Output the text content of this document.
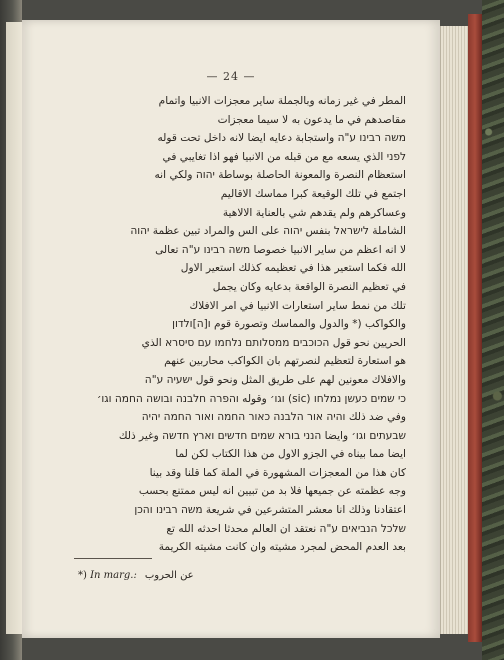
— 24 —
المطر في غير زمانه وبالجملة ساير معجزات الانبيا واتمام
مقاصدهم في ما يدعون به لا سيما معجزات
משה רבינו ע"ה واستجابة دعايه ايضا لانه داخل تحت قوله
לפני الذي يسعه مع من قبله من الانبيا فهو اذا تغايبي في
استعظام النصرة والمعونة الحاصلة بوساطة יהוה ولكي انه
اجتمع في تلك الوقيعة كبرا مماسك الاقاليم
وعساكرهم ولم يقدهم شي بالعناية الالاهية
الشاملة לישראל بنفس יהוה على الس والمراد تبين عظمة יהוה
لا انه اعظم من ساير الانبيا خصوصا משה רבינו ע"ה تعالى
الله فكما استعير هذا في تعظيمه كذلك استعير الاول
في تعظيم النصرة الواقعة بدعايه وكان يجمل
تلك من نمط ساير استعارات الانبيا في امر الافلاك
والكواكب (* والدول والمماسك وتصورة قوم ו[ה]ולדון
الحريين نحو قول הכוכבים ממסלותם נלחמו עם סיסרא الذي
هو استعارة لتعظيم لنصرتهم بان الكواكب محاربين عنهم
والافلاك معونين لهم على طريق المثل ونحو قول ישעיה ע"ה
כי שמים כעשן נמלחו (sic) וגו׳ وقوله והפרה חלבנה ובושה החמה וגו׳
وفي ضد ذلك והיה אור הלבנה כאור החמה ואור החמה יהיה
שבעתים וגו׳ وايضا הנני בורא שמים חדשים וארץ חדשה وغير ذلك
ايضا مما بيناه في الجزو الاول من هذا الكتاب لكن لما
كان هذا من المعجزات المشهورة في الملة كما قلنا وقد بينا
وجه عظمته عن جميعها فلا بد من تبيين انه ليس ممتنع بحسب
اعتقادنا وذلك انا معشر المتشرعين في شريعة משה רבינו והכן
שלכל הנביאים ע"ה نعتقد ان العالم محدثا احدثه الله تع
بعد العدم المحض لمجرد مشيته وان كانت مشيته الكريمة
*) In marg.: عن الحروب
